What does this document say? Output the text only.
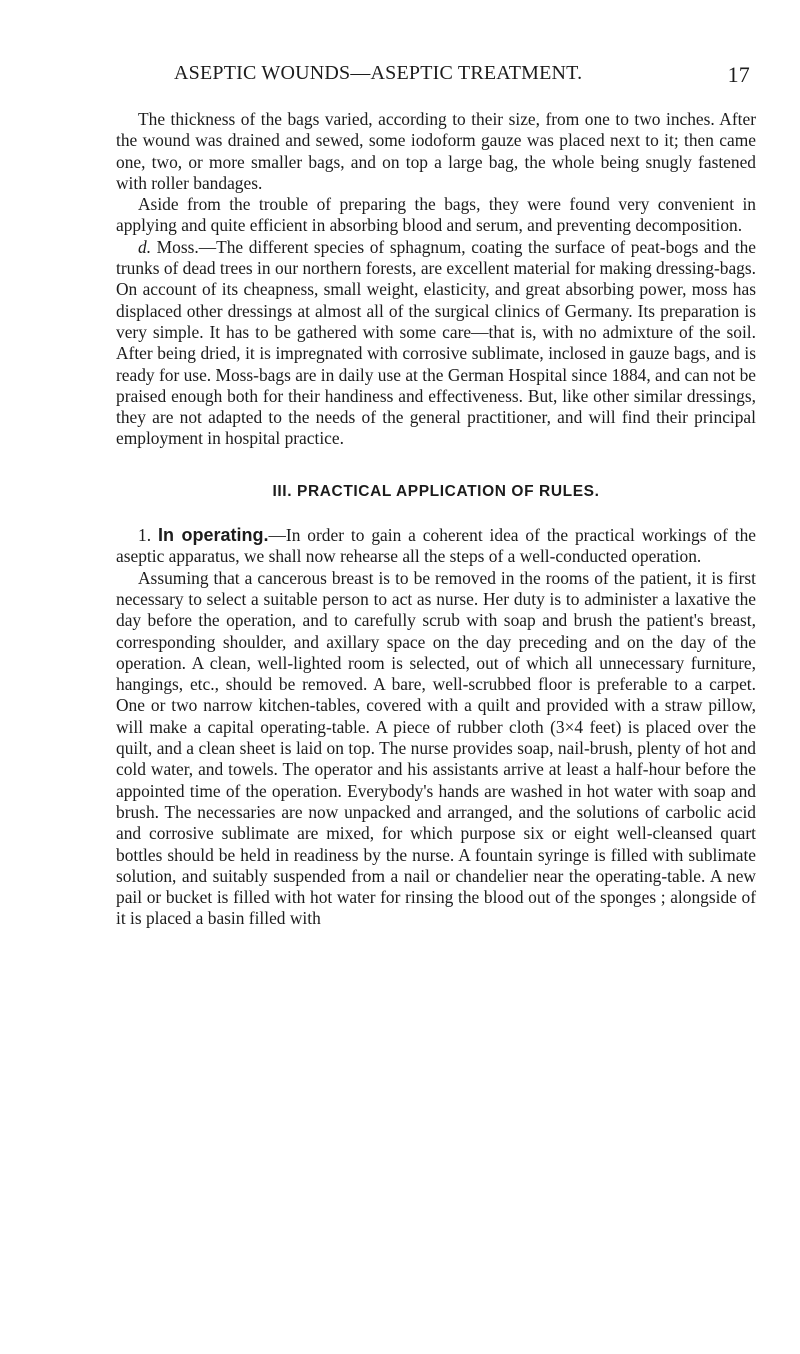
ASEPTIC WOUNDS—ASEPTIC TREATMENT.	17

The thickness of the bags varied, according to their size, from one to two inches. After the wound was drained and sewed, some iodoform gauze was placed next to it; then came one, two, or more smaller bags, and on top a large bag, the whole being snugly fastened with roller bandages.

Aside from the trouble of preparing the bags, they were found very convenient in applying and quite efficient in absorbing blood and serum, and preventing decomposition.

d. Moss.—The different species of sphagnum, coating the surface of peat-bogs and the trunks of dead trees in our northern forests, are excellent material for making dressing-bags. On account of its cheapness, small weight, elasticity, and great absorbing power, moss has displaced other dressings at almost all of the surgical clinics of Germany. Its preparation is very simple. It has to be gathered with some care—that is, with no admixture of the soil. After being dried, it is impregnated with corrosive sublimate, inclosed in gauze bags, and is ready for use. Moss-bags are in daily use at the German Hospital since 1884, and can not be praised enough both for their handiness and effectiveness. But, like other similar dressings, they are not adapted to the needs of the general practitioner, and will find their principal employment in hospital practice.

III. PRACTICAL APPLICATION OF RULES.

1. In operating.—In order to gain a coherent idea of the practical workings of the aseptic apparatus, we shall now rehearse all the steps of a well-conducted operation.

Assuming that a cancerous breast is to be removed in the rooms of the patient, it is first necessary to select a suitable person to act as nurse. Her duty is to administer a laxative the day before the operation, and to carefully scrub with soap and brush the patient's breast, corresponding shoulder, and axillary space on the day preceding and on the day of the operation. A clean, well-lighted room is selected, out of which all unnecessary furniture, hangings, etc., should be removed. A bare, well-scrubbed floor is preferable to a carpet. One or two narrow kitchen-tables, covered with a quilt and provided with a straw pillow, will make a capital operating-table. A piece of rubber cloth (3×4 feet) is placed over the quilt, and a clean sheet is laid on top. The nurse provides soap, nail-brush, plenty of hot and cold water, and towels. The operator and his assistants arrive at least a half-hour before the appointed time of the operation. Everybody's hands are washed in hot water with soap and brush. The necessaries are now unpacked and arranged, and the solutions of carbolic acid and corrosive sublimate are mixed, for which purpose six or eight well-cleansed quart bottles should be held in readiness by the nurse. A fountain syringe is filled with sublimate solution, and suitably suspended from a nail or chandelier near the operating-table. A new pail or bucket is filled with hot water for rinsing the blood out of the sponges ; alongside of it is placed a basin filled with
